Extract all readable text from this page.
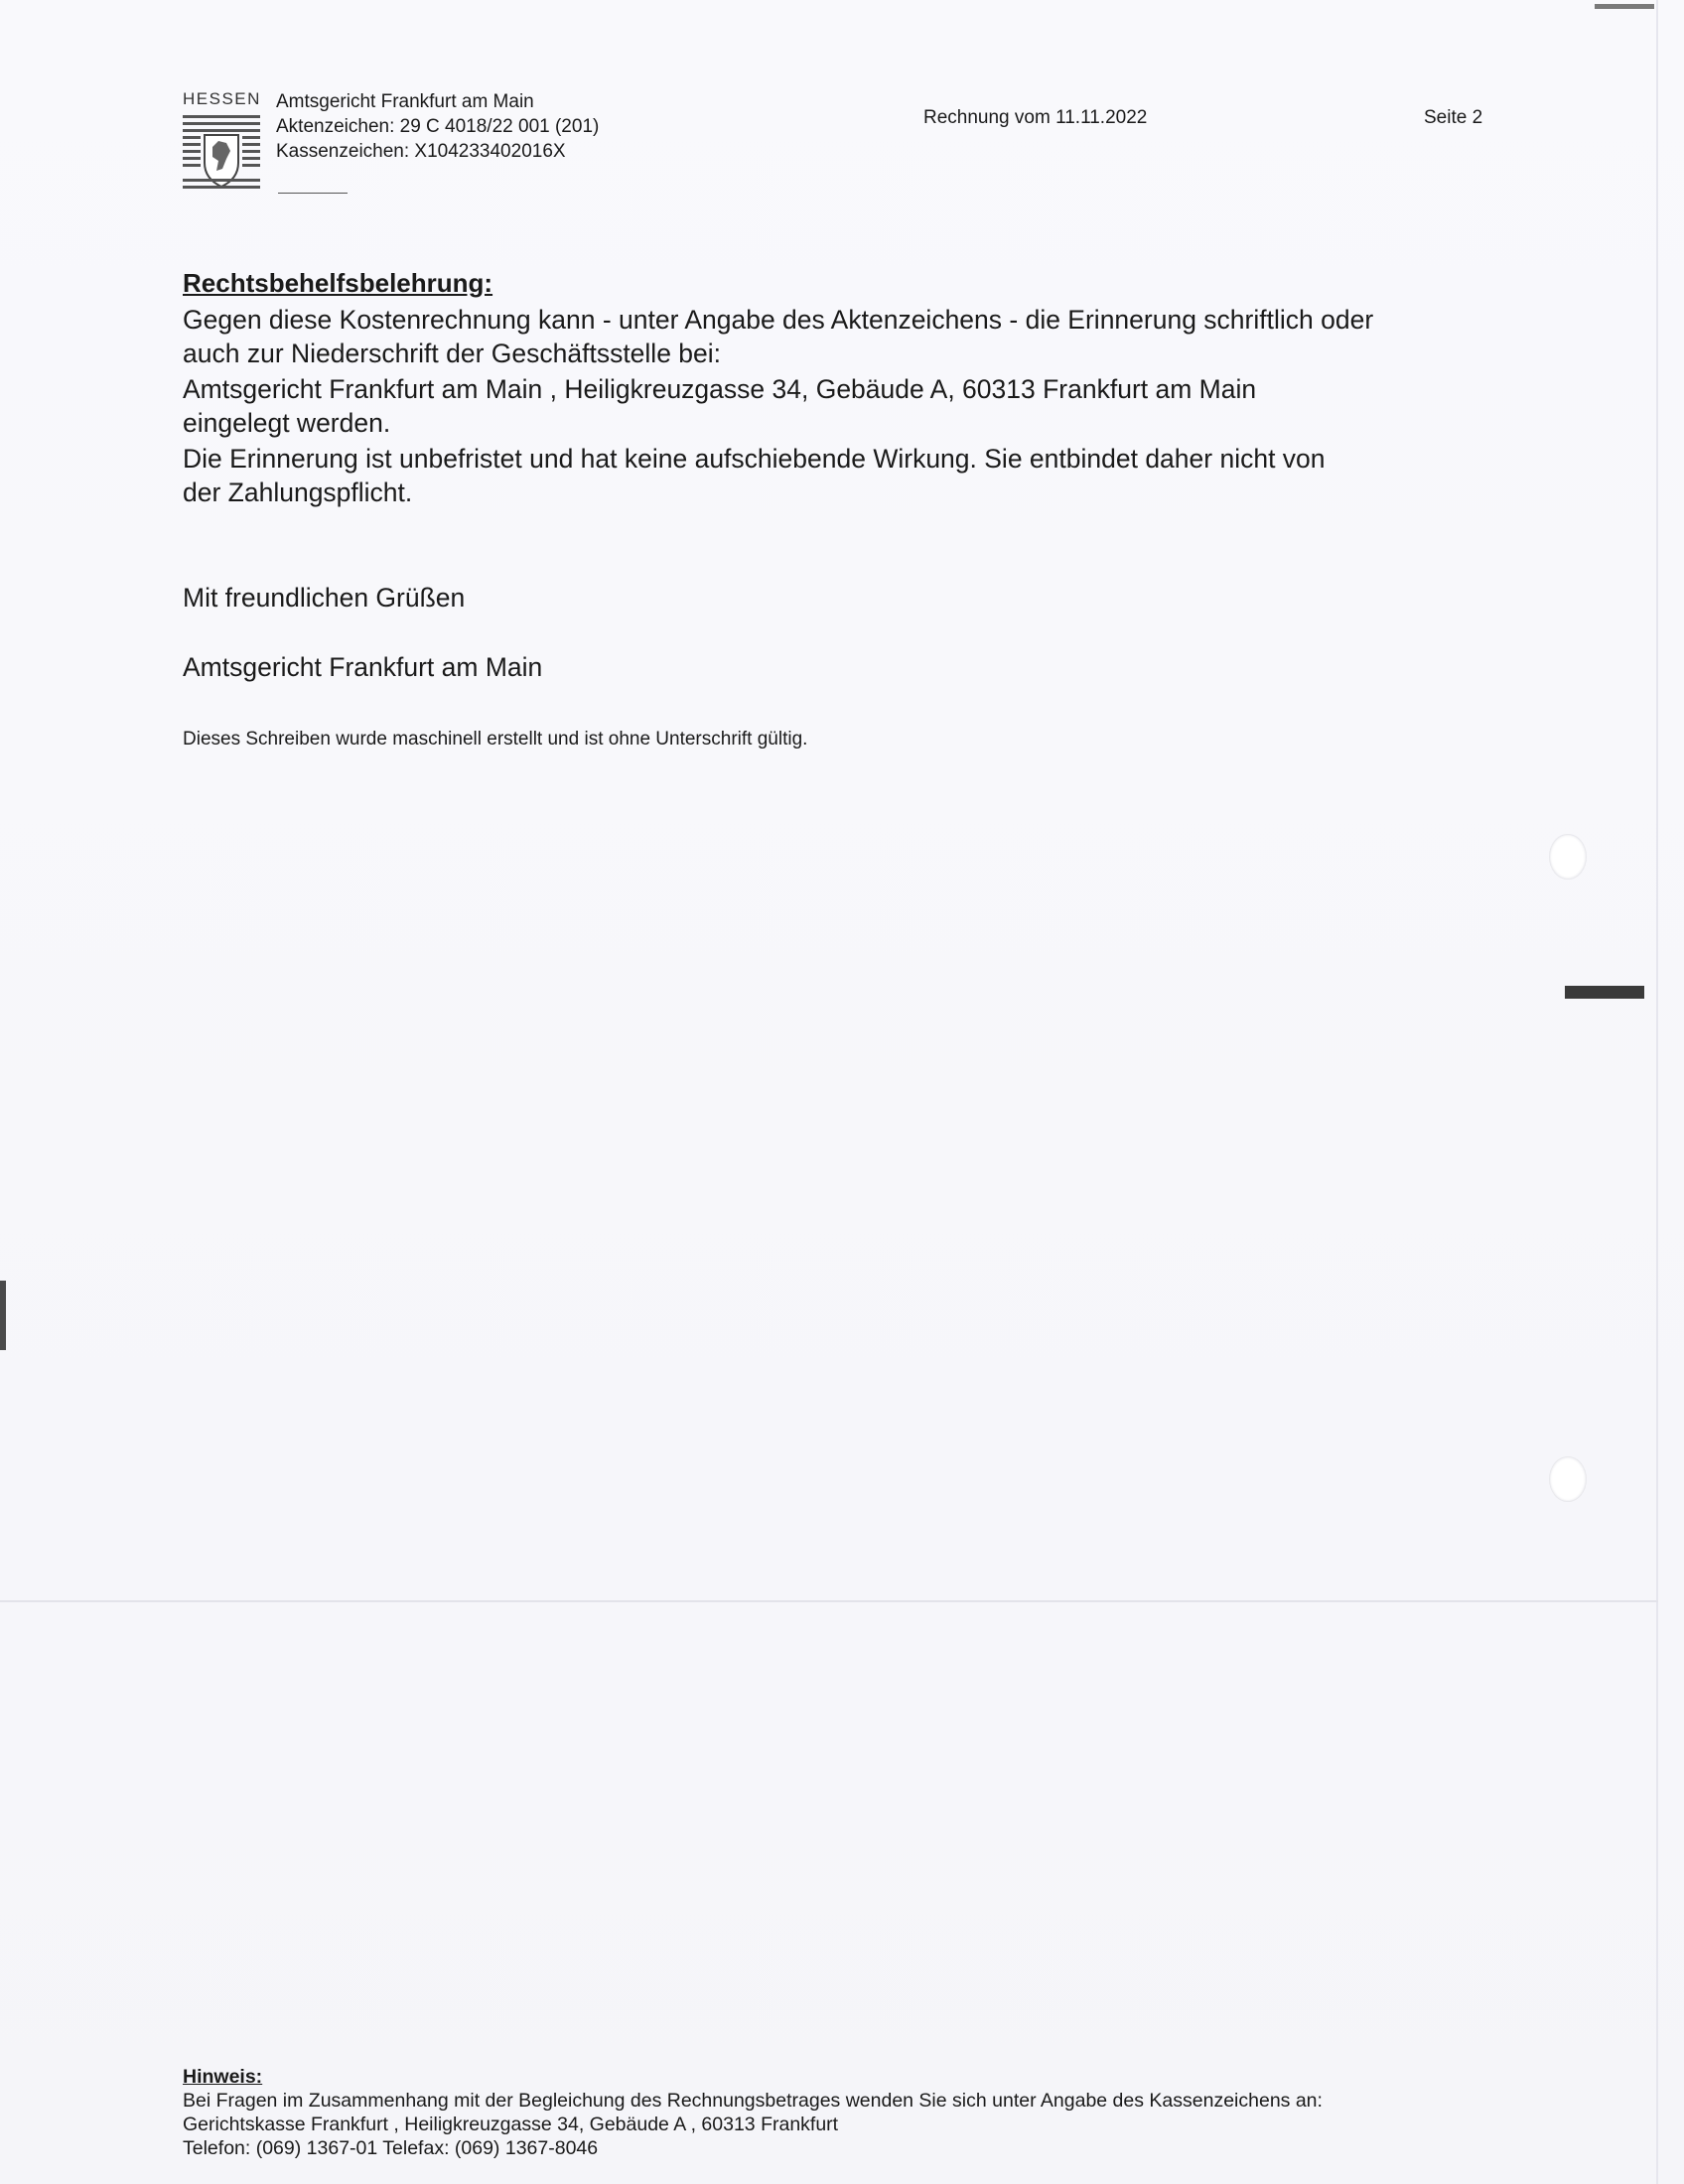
HESSEN Amtsgericht Frankfurt am Main
Aktenzeichen: 29 C 4018/22 001 (201)
Kassenzeichen: X104233402016X
Rechnung vom 11.11.2022	Seite 2
Rechtsbehelfsbelehrung:
Gegen diese Kostenrechnung kann - unter Angabe des Aktenzeichens - die Erinnerung schriftlich oder
auch zur Niederschrift der Geschäftsstelle bei:
Amtsgericht Frankfurt am Main , Heiligkreuzgasse 34, Gebäude A, 60313 Frankfurt am Main
eingelegt werden.
Die Erinnerung ist unbefristet und hat keine aufschiebende Wirkung. Sie entbindet daher nicht von
der Zahlungspflicht.
Mit freundlichen Grüßen
Amtsgericht Frankfurt am Main
Dieses Schreiben wurde maschinell erstellt und ist ohne Unterschrift gültig.
Hinweis:
Bei Fragen im Zusammenhang mit der Begleichung des Rechnungsbetrages wenden Sie sich unter Angabe des Kassenzeichens an:
Gerichtskasse Frankfurt , Heiligkreuzgasse 34, Gebäude A , 60313 Frankfurt
Telefon: (069) 1367-01 Telefax: (069) 1367-8046
